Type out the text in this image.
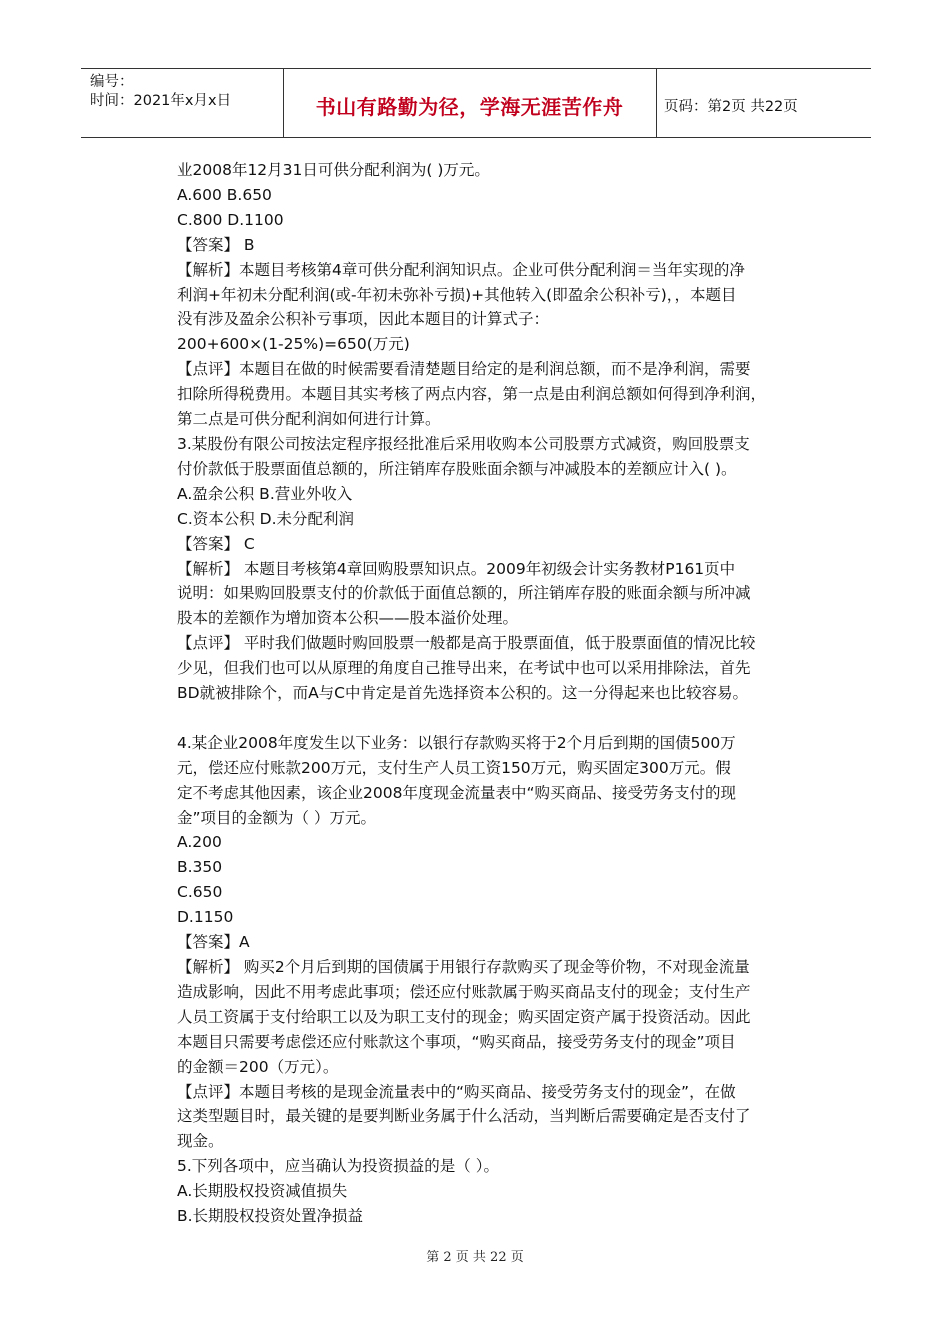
编号：
时间：2021年x月x日	书山有路勤为径，学海无涯苦作舟	页码：第2页 共22页

业2008年12月31日可供分配利润为( )万元。

A.600 B.650

C.800 D.1100

【答案】 B

【解析】本题目考核第4章可供分配利润知识点。企业可供分配利润＝当年实现的净

利润+年初未分配利润(或-年初未弥补亏损)+其他转入(即盈余公积补亏)，，本题目

没有涉及盈余公积补亏事项，因此本题目的计算式子：

200+600×(1-25%)=650(万元)

【点评】本题目在做的时候需要看清楚题目给定的是利润总额，而不是净利润，需要

扣除所得税费用。本题目其实考核了两点内容，第一点是由利润总额如何得到净利润，

第二点是可供分配利润如何进行计算。

3.某股份有限公司按法定程序报经批准后采用收购本公司股票方式减资，购回股票支

付价款低于股票面值总额的，所注销库存股账面余额与冲减股本的差额应计入( )。

A.盈余公积 B.营业外收入

C.资本公积 D.未分配利润

【答案】 C

【解析】 本题目考核第4章回购股票知识点。2009年初级会计实务教材P161页中

说明：如果购回股票支付的价款低于面值总额的，所注销库存股的账面余额与所冲减

股本的差额作为增加资本公积——股本溢价处理。

【点评】 平时我们做题时购回股票一般都是高于股票面值，低于股票面值的情况比较

少见，但我们也可以从原理的角度自己推导出来，在考试中也可以采用排除法，首先

BD就被排除个，而A与C中肯定是首先选择资本公积的。这一分得起来也比较容易。

4.某企业2008年度发生以下业务：以银行存款购买将于2个月后到期的国债500万

元，偿还应付账款200万元，支付生产人员工资150万元，购买固定300万元。假

定不考虑其他因素，该企业2008年度现金流量表中“购买商品、接受劳务支付的现

金”项目的金额为（ ）万元。

A.200

B.350

C.650

D.1150

【答案】A

【解析】 购买2个月后到期的国债属于用银行存款购买了现金等价物，不对现金流量

造成影响，因此不用考虑此事项；偿还应付账款属于购买商品支付的现金；支付生产

人员工资属于支付给职工以及为职工支付的现金；购买固定资产属于投资活动。因此

本题目只需要考虑偿还应付账款这个事项，“购买商品，接受劳务支付的现金”项目

的金额＝200（万元）。

【点评】本题目考核的是现金流量表中的“购买商品、接受劳务支付的现金”，在做

这类型题目时，最关键的是要判断业务属于什么活动，当判断后需要确定是否支付了

现金。

5.下列各项中，应当确认为投资损益的是（ ）。

A.长期股权投资减值损失

B.长期股权投资处置净损益

第 2 页 共 22 页
